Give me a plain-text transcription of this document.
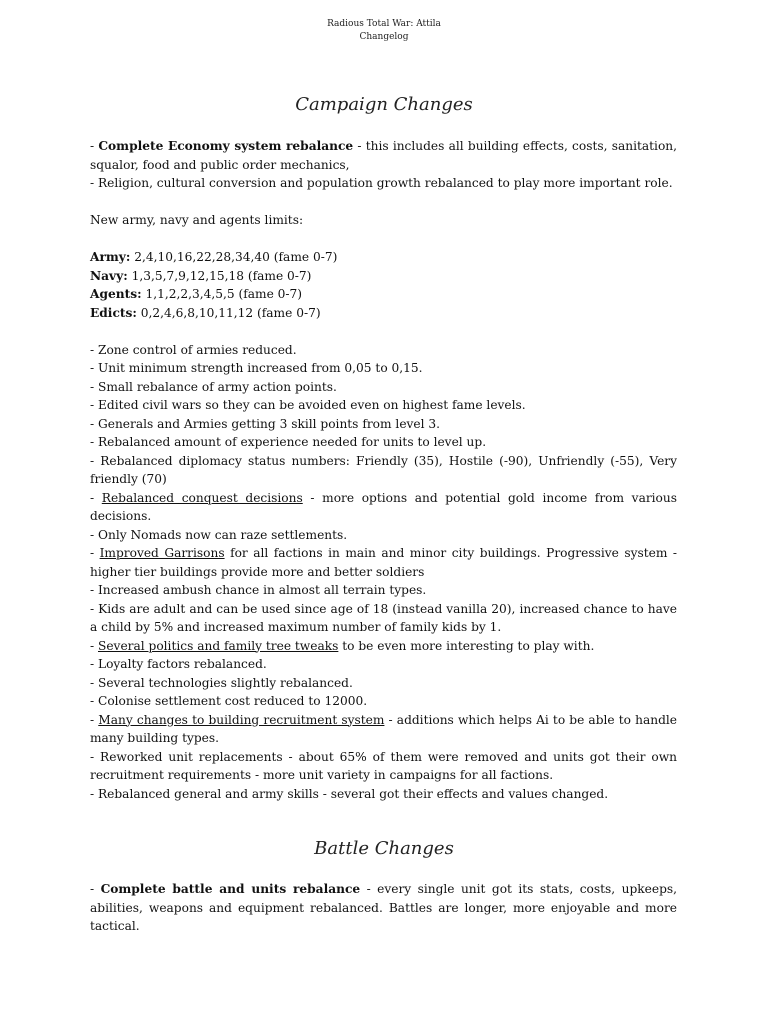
Radious Total War: Attila
Changelog
Campaign Changes
- Complete Economy system rebalance - this includes all building effects, costs, sanitation, squalor, food and public order mechanics,
- Religion, cultural conversion and population growth rebalanced to play more important role.
New army, navy and agents limits:
Army: 2,4,10,16,22,28,34,40 (fame 0-7)
Navy: 1,3,5,7,9,12,15,18 (fame 0-7)
Agents: 1,1,2,2,3,4,5,5 (fame 0-7)
Edicts: 0,2,4,6,8,10,11,12 (fame 0-7)
- Zone control of armies reduced.
- Unit minimum strength increased from 0,05 to 0,15.
- Small rebalance of army action points.
- Edited civil wars so they can be avoided even on highest fame levels.
- Generals and Armies getting 3 skill points from level 3.
- Rebalanced amount of experience needed for units to level up.
- Rebalanced diplomacy status numbers: Friendly (35), Hostile (-90), Unfriendly (-55), Very friendly (70)
- Rebalanced conquest decisions - more options and potential gold income from various decisions.
- Only Nomads now can raze settlements.
- Improved Garrisons for all factions in main and minor city buildings. Progressive system - higher tier buildings provide more and better soldiers
- Increased ambush chance in almost all terrain types.
- Kids are adult and can be used since age of 18 (instead vanilla 20), increased chance to have a child by 5% and increased maximum number of family kids by 1.
- Several politics and family tree tweaks to be even more interesting to play with.
- Loyalty factors rebalanced.
- Several technologies slightly rebalanced.
- Colonise settlement cost reduced to 12000.
- Many changes to building recruitment system - additions which helps Ai to be able to handle many building types.
- Reworked unit replacements - about 65% of them were removed and units got their own recruitment requirements - more unit variety in campaigns for all factions.
- Rebalanced general and army skills - several got their effects and values changed.
Battle Changes
- Complete battle and units rebalance - every single unit got its stats, costs, upkeeps, abilities, weapons and equipment rebalanced. Battles are longer, more enjoyable and more tactical.
